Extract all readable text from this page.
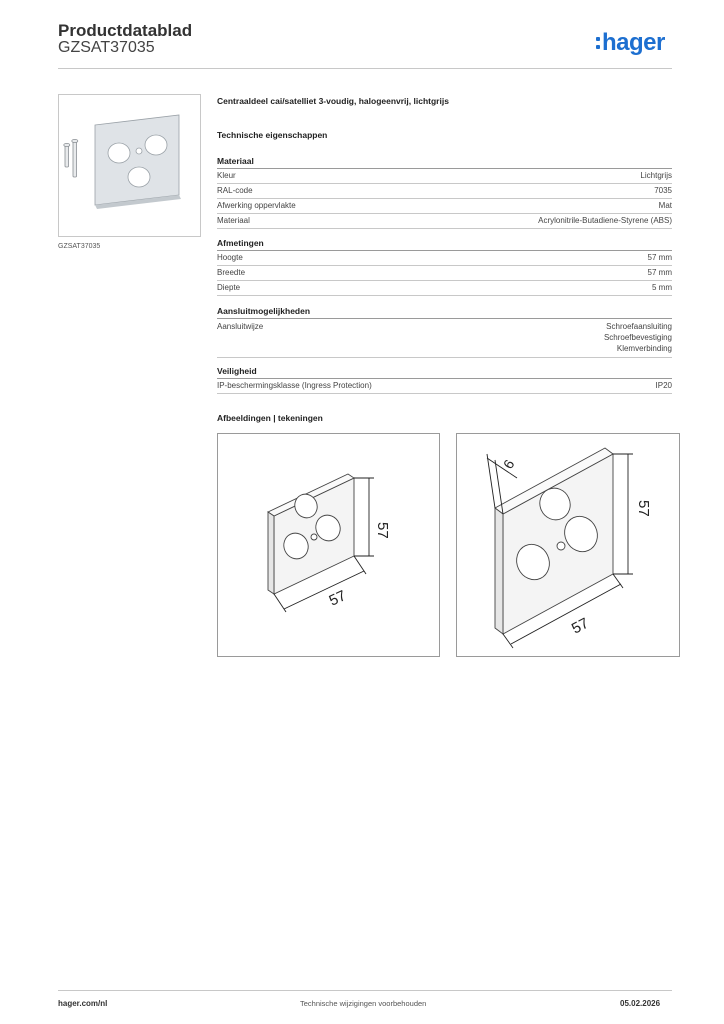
Productdatablad
GZSAT37035	hager
GZSAT37035
Centraaldeel cai/satelliet 3-voudig, halogeenvrij, lichtgrijs
Technische eigenschappen
Materiaal
Kleur	Lichtgrijs
RAL-code	7035
Afwerking oppervlakte	Mat
Materiaal	Acrylonitrile-Butadiene-Styrene (ABS)
Afmetingen
Hoogte	57 mm
Breedte	57 mm
Diepte	5 mm
Aansluitmogelijkheden
Aansluitwijze	Schroefaansluiting
Schroefbevestiging
Klemverbinding
Veiligheid
IP-beschermingsklasse (Ingress Protection)	IP20
Afbeeldingen | tekeningen
57
57
6
57
57
hager.com/nl	Technische wijzigingen voorbehouden	05.02.2026
